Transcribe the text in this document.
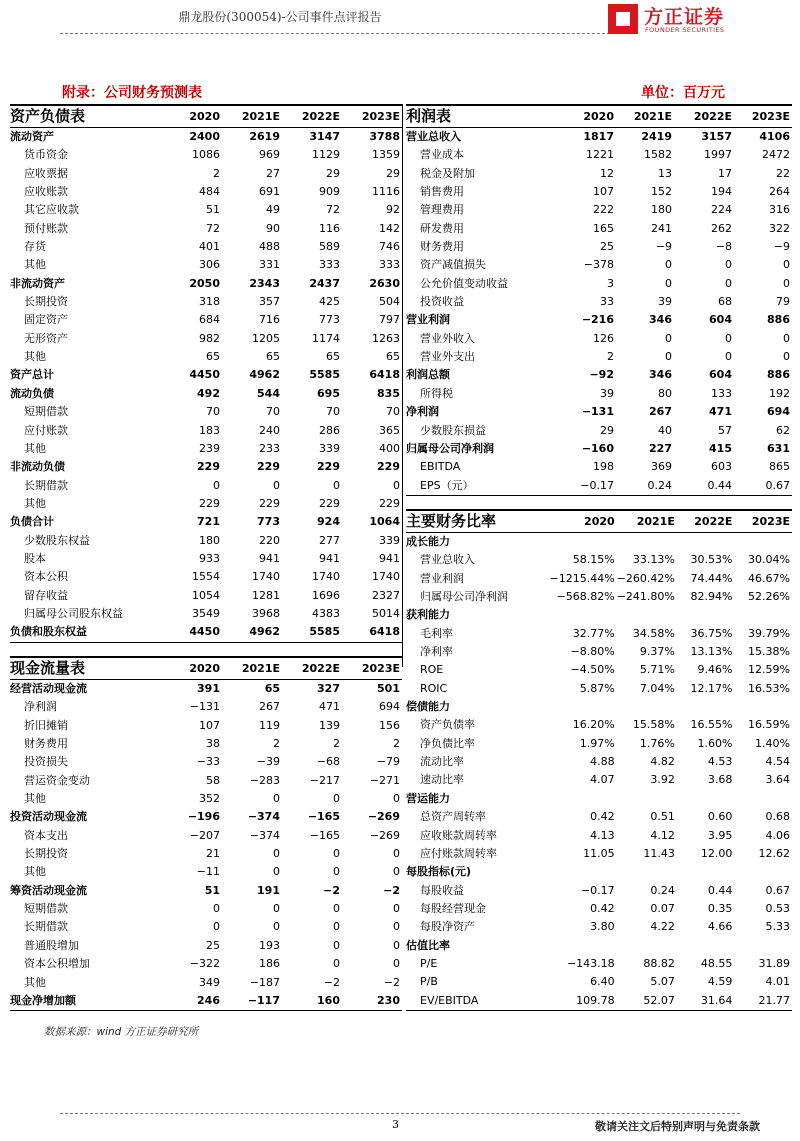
鼎龙股份(300054)-公司事件点评报告	方正证券
FOUNDER SECURITIES
附录：公司财务预测表	单位：百万元
资产负债表	2020	2021E	2022E	2023E
流动资产	2400	2619	3147	3788
货币资金	1086	969	1129	1359
应收票据	2	27	29	29
应收账款	484	691	909	1116
其它应收款	51	49	72	92
预付账款	72	90	116	142
存货	401	488	589	746
其他	306	331	333	333
非流动资产	2050	2343	2437	2630
长期投资	318	357	425	504
固定资产	684	716	773	797
无形资产	982	1205	1174	1263
其他	65	65	65	65
资产总计	4450	4962	5585	6418
流动负债	492	544	695	835
短期借款	70	70	70	70
应付账款	183	240	286	365
其他	239	233	339	400
非流动负债	229	229	229	229
长期借款	0	0	0	0
其他	229	229	229	229
负债合计	721	773	924	1064
少数股东权益	180	220	277	339
股本	933	941	941	941
资本公积	1554	1740	1740	1740
留存收益	1054	1281	1696	2327
归属母公司股东权益	3549	3968	4383	5014
负债和股东权益	4450	4962	5585	6418
利润表	2020	2021E	2022E	2023E
营业总收入	1817	2419	3157	4106
营业成本	1221	1582	1997	2472
税金及附加	12	13	17	22
销售费用	107	152	194	264
管理费用	222	180	224	316
研发费用	165	241	262	322
财务费用	25	−9	−8	−9
资产减值损失	−378	0	0	0
公允价值变动收益	3	0	0	0
投资收益	33	39	68	79
营业利润	−216	346	604	886
营业外收入	126	0	0	0
营业外支出	2	0	0	0
利润总额	−92	346	604	886
所得税	39	80	133	192
净利润	−131	267	471	694
少数股东损益	29	40	57	62
归属母公司净利润	−160	227	415	631
EBITDA	198	369	603	865
EPS（元）	−0.17	0.24	0.44	0.67
主要财务比率	2020	2021E	2022E	2023E
成长能力				
营业总收入	58.15%	33.13%	30.53%	30.04%
营业利润	−1215.44%	−260.42%	74.44%	46.67%
归属母公司净利润	−568.82%	−241.80%	82.94%	52.26%
获利能力				
毛利率	32.77%	34.58%	36.75%	39.79%
净利率	−8.80%	9.37%	13.13%	15.38%
ROE	−4.50%	5.71%	9.46%	12.59%
ROIC	5.87%	7.04%	12.17%	16.53%
偿债能力				
资产负债率	16.20%	15.58%	16.55%	16.59%
净负债比率	1.97%	1.76%	1.60%	1.40%
流动比率	4.88	4.82	4.53	4.54
速动比率	4.07	3.92	3.68	3.64
营运能力				
总资产周转率	0.42	0.51	0.60	0.68
应收账款周转率	4.13	4.12	3.95	4.06
应付账款周转率	11.05	11.43	12.00	12.62
每股指标(元)				
每股收益	−0.17	0.24	0.44	0.67
每股经营现金	0.42	0.07	0.35	0.53
每股净资产	3.80	4.22	4.66	5.33
估值比率				
P/E	−143.18	88.82	48.55	31.89
P/B	6.40	5.07	4.59	4.01
EV/EBITDA	109.78	52.07	31.64	21.77
现金流量表	2020	2021E	2022E	2023E
经营活动现金流	391	65	327	501
净利润	−131	267	471	694
折旧摊销	107	119	139	156
财务费用	38	2	2	2
投资损失	−33	−39	−68	−79
营运资金变动	58	−283	−217	−271
其他	352	0	0	0
投资活动现金流	−196	−374	−165	−269
资本支出	−207	−374	−165	−269
长期投资	21	0	0	0
其他	−11	0	0	0
筹资活动现金流	51	191	−2	−2
短期借款	0	0	0	0
长期借款	0	0	0	0
普通股增加	25	193	0	0
资本公积增加	−322	186	0	0
其他	349	−187	−2	−2
现金净增加额	246	−117	160	230
数据来源：wind 方正证券研究所
3	敬请关注文后特别声明与免责条款
